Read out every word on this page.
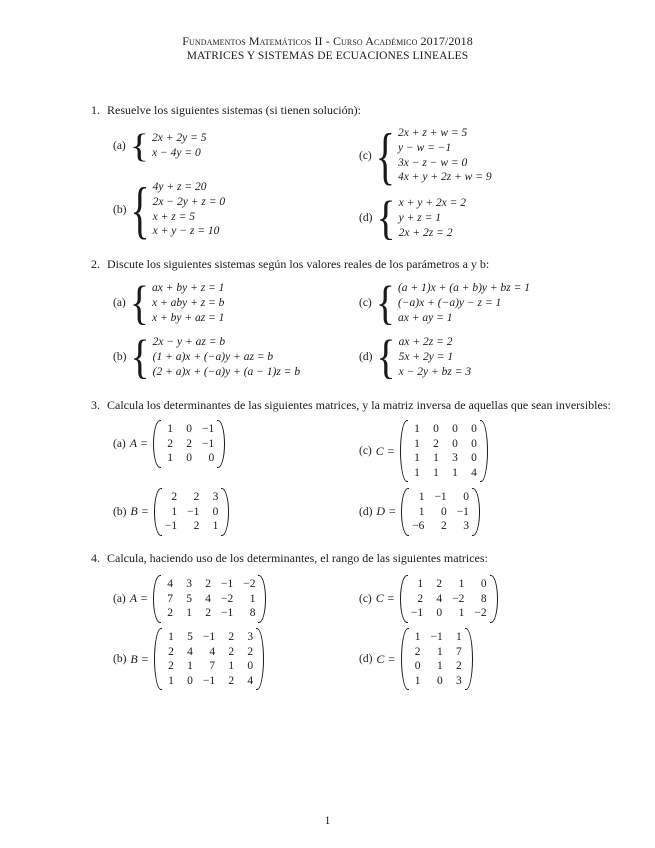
Fundamentos Matemáticos II - Curso Académico 2017/2018
MATRICES Y SISTEMAS DE ECUACIONES LINEALES
1. Resuelve los siguientes sistemas (si tienen solución):
(a) { 2x + 2y = 5
x − 4y = 0
(b) { 4y + z = 20
2x − 2y + z = 0
x + z = 5
x + y − z = 10
(c) { 2x + z + w = 5
y − w = −1
3x − z − w = 0
4x + y + 2z + w = 9
(d) { x + y + 2x = 2
y + z = 1
2x + 2z = 2
2. Discute los siguientes sistemas según los valores reales de los parámetros a y b:
(a) { ax + by + z = 1
x + aby + z = b
x + by + az = 1
(b) { 2x − y + az = b
(1 + a)x + (−a)y + az = b
(2 + a)x + (−a)y + (a − 1)z = b
(c) { (a + 1)x + (a + b)y + bz = 1
(−a)x + (−a)y − z = 1
ax + ay = 1
(d) { ax + 2z = 2
5x + 2y = 1
x − 2y + bz = 3
3. Calcula los determinantes de las siguientes matrices, y la matriz inversa de aquellas que sean inversibles:
(a) A =
1 0 −1
2 2 −1
1 0	0
(b) B =
2	2 3
1 −1 0
−1	2 1
(c) C =
1 0 0 0
1 2 0 0
1 1 3 0
1 1 1 4
(d) D =
1 −1	0
1	0 −1
−6	2	3
4. Calcula, haciendo uso de los determinantes, el rango de las siguientes matrices:
(a) A =
4 3 2 −1 −2
7 5 4 −2	1
2 1 2 −1	8
(b) B =
1 5 −1 2 3
2 4	4 2 2
2 1	7 1 0
1 0 −1 2 4
(c) C =
1 2	1	0
2 4 −2	8
−1 0	1 −2
(d) C =
1 −1 1
2	1 7
0	1 2
1	0 3
1
